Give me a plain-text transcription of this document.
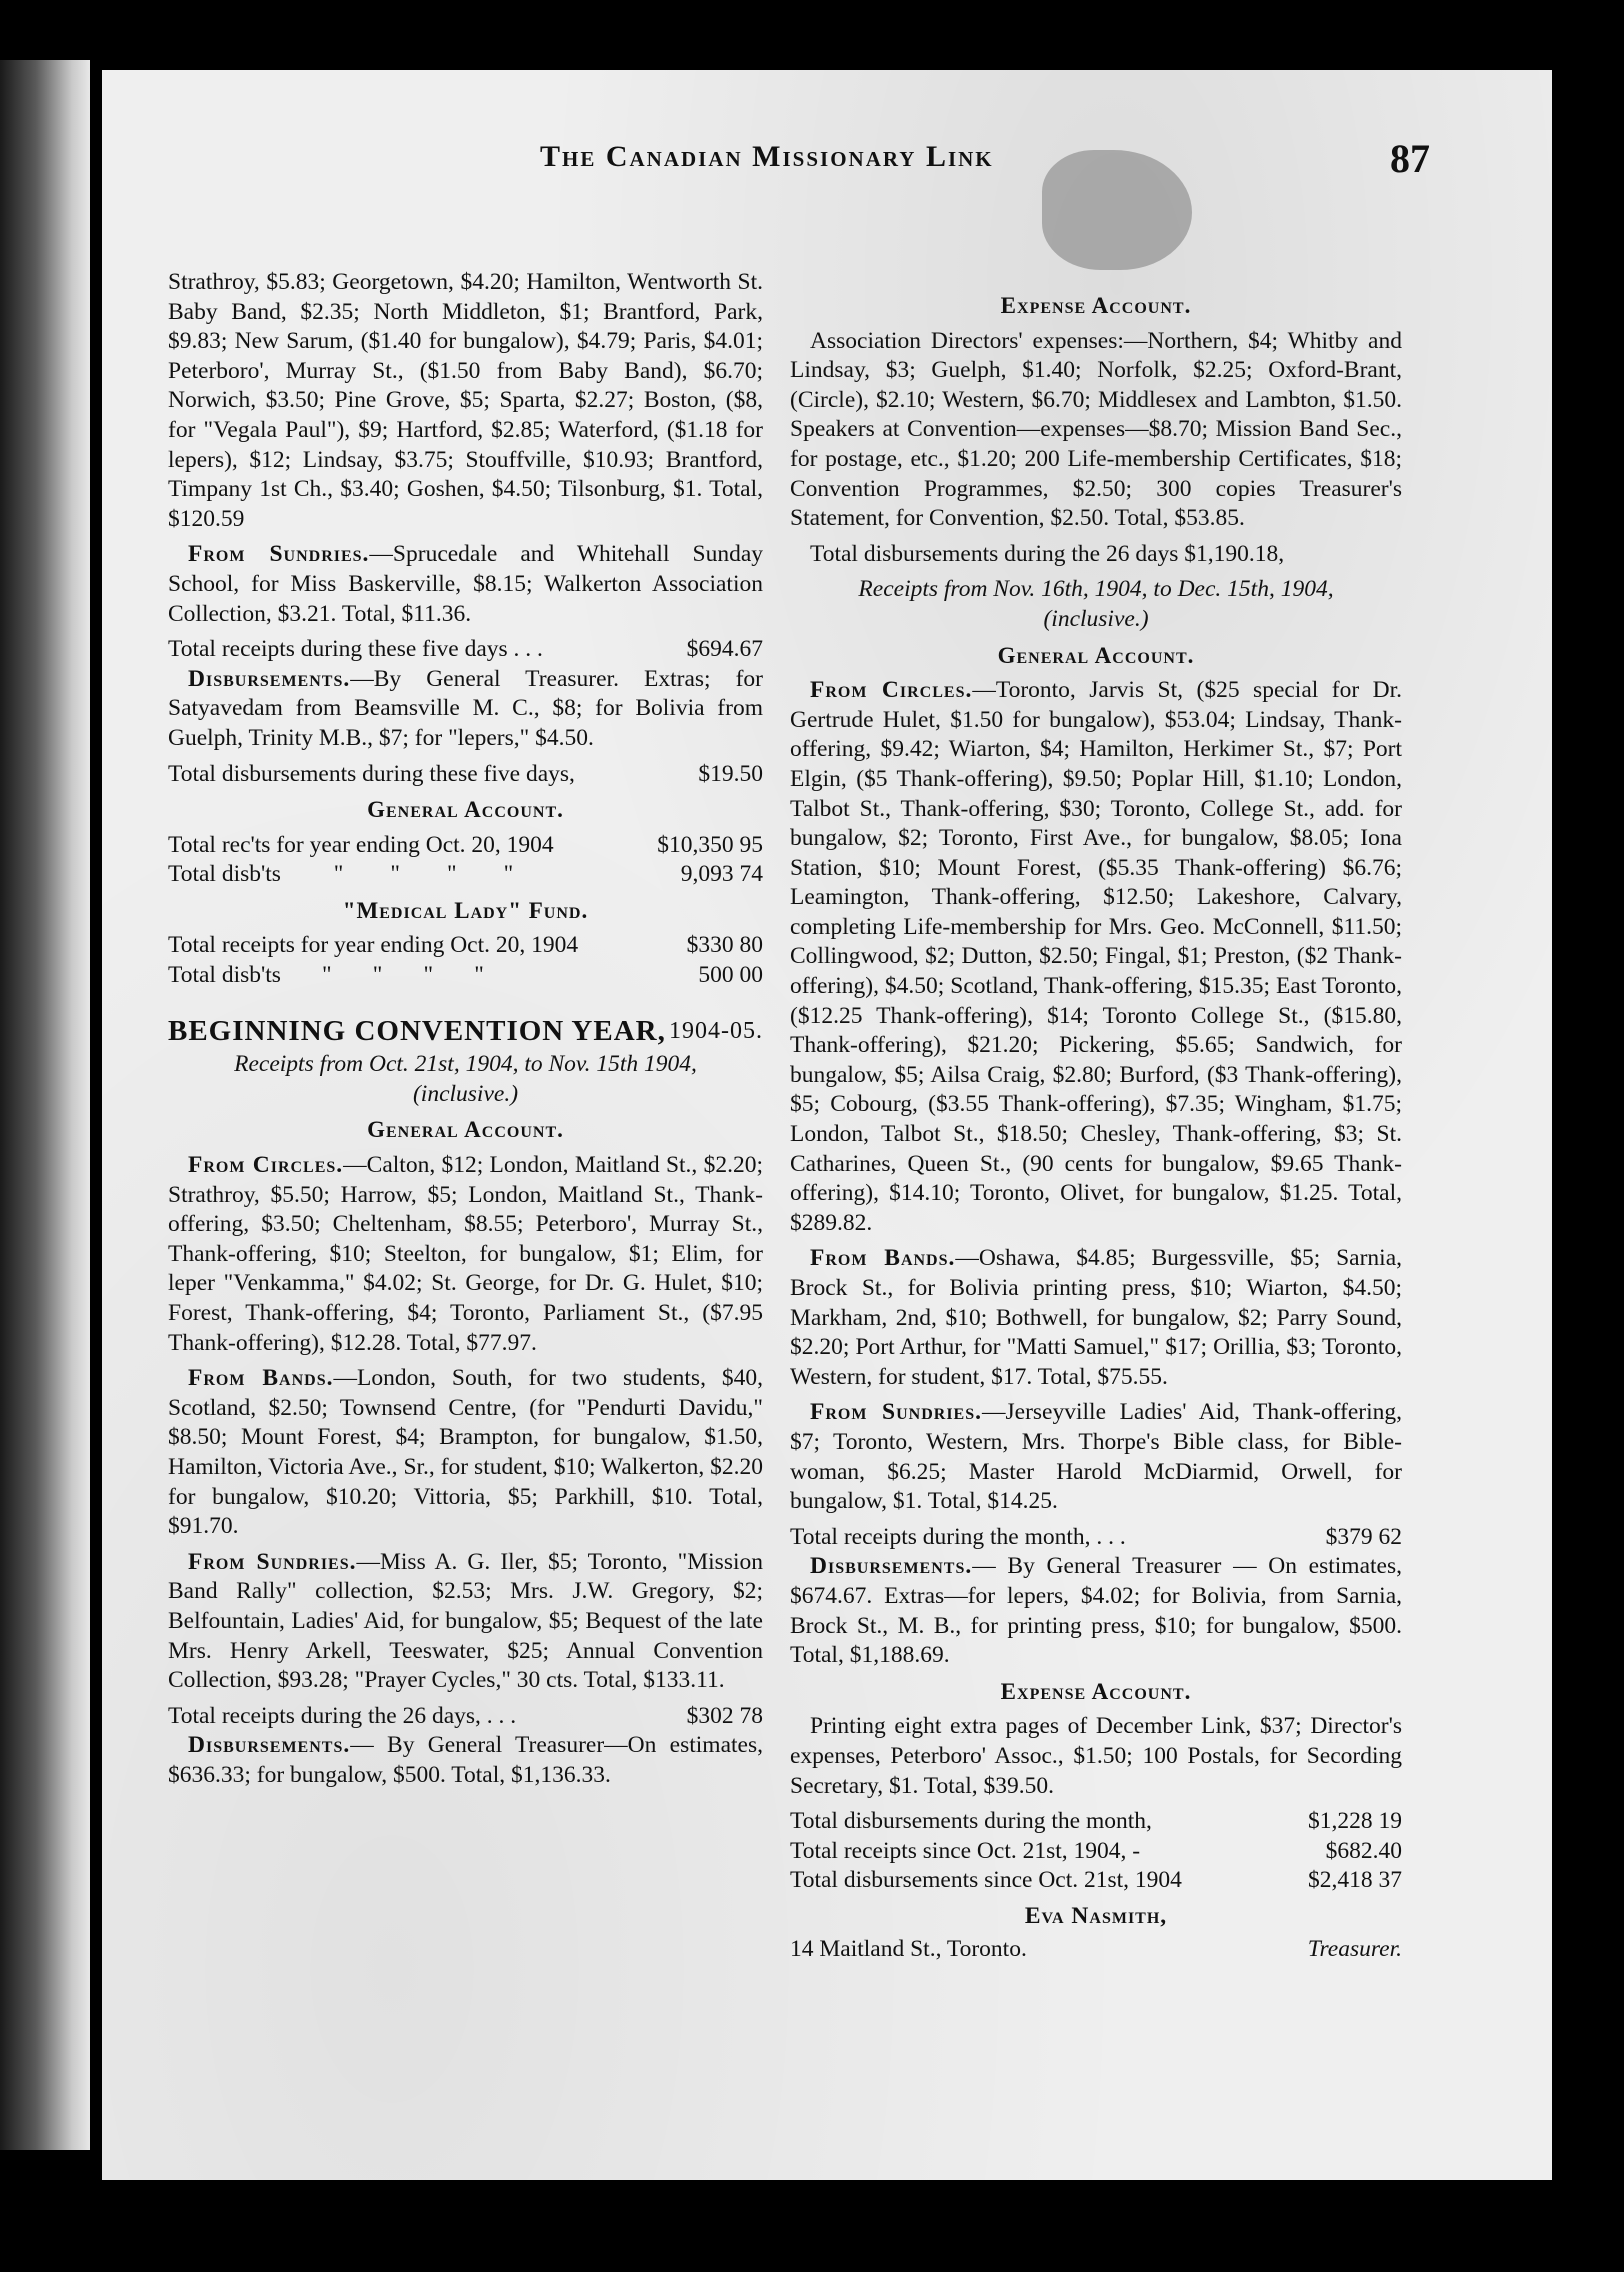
The Canadian Missionary Link	87

Strathroy, $5.83; Georgetown, $4.20; Hamilton, Wentworth St. Baby Band, $2.35; North Middleton, $1; Brantford, Park, $9.83; New Sarum, ($1.40 for bungalow), $4.79; Paris, $4.01; Peterboro', Murray St., ($1.50 from Baby Band), $6.70; Norwich, $3.50; Pine Grove, $5; Sparta, $2.27; Boston, ($8, for "Vegala Paul"), $9; Hartford, $2.85; Waterford, ($1.18 for lepers), $12; Lindsay, $3.75; Stouffville, $10.93; Brantford, Timpany 1st Ch., $3.40; Goshen, $4.50; Tilsonburg, $1. Total, $120.59

From Sundries.—Sprucedale and Whitehall Sunday School, for Miss Baskerville, $8.15; Walkerton Association Collection, $3.21. Total, $11.36.

Total receipts during these five days . . .	$694.67

Disbursements.—By General Treasurer. Extras; for Satyavedam from Beamsville M. C., $8; for Bolivia from Guelph, Trinity M.B., $7; for "lepers," $4.50.

Total disbursements during these five days,	$19.50
General Account.
Total rec'ts for year ending Oct. 20, 1904	$10,350 95
Total disb'ts         "        "        "        "	9,093 74
"Medical Lady" Fund.
Total receipts for year ending Oct. 20, 1904	$330 80
Total disb'ts       "       "       "       "	500 00
BEGINNING CONVENTION YEAR, 1904-05.
Receipts from Oct. 21st, 1904, to Nov. 15th 1904,
(inclusive.)
General Account.

From Circles.—Calton, $12; London, Maitland St., $2.20; Strathroy, $5.50; Harrow, $5; London, Maitland St., Thank-offering, $3.50; Cheltenham, $8.55; Peterboro', Murray St., Thank-offering, $10; Steelton, for bungalow, $1; Elim, for leper "Venkamma," $4.02; St. George, for Dr. G. Hulet, $10; Forest, Thank-offering, $4; Toronto, Parliament St., ($7.95 Thank-offering), $12.28. Total, $77.97.

From Bands.—London, South, for two students, $40, Scotland, $2.50; Townsend Centre, (for "Pendurti Davidu," $8.50; Mount Forest, $4; Brampton, for bungalow, $1.50, Hamilton, Victoria Ave., Sr., for student, $10; Walkerton, $2.20 for bungalow, $10.20; Vittoria, $5; Parkhill, $10. Total, $91.70.

From Sundries.—Miss A. G. Iler, $5; Toronto, "Mission Band Rally" collection, $2.53; Mrs. J.W. Gregory, $2; Belfountain, Ladies' Aid, for bungalow, $5; Bequest of the late Mrs. Henry Arkell, Teeswater, $25; Annual Convention Collection, $93.28; "Prayer Cycles," 30 cts. Total, $133.11.

Total receipts during the 26 days, . . .	$302 78

Disbursements.— By General Treasurer—On estimates, $636.33; for bungalow, $500. Total, $1,136.33.

Expense Account.

Association Directors' expenses:—Northern, $4; Whitby and Lindsay, $3; Guelph, $1.40; Norfolk, $2.25; Oxford-Brant, (Circle), $2.10; Western, $6.70; Middlesex and Lambton, $1.50. Speakers at Convention—expenses—$8.70; Mission Band Sec., for postage, etc., $1.20; 200 Life-membership Certificates, $18; Convention Programmes, $2.50; 300 copies Treasurer's Statement, for Convention, $2.50. Total, $53.85.

Total disbursements during the 26 days $1,190.18,

Receipts from Nov. 16th, 1904, to Dec. 15th, 1904,
(inclusive.)
General Account.

From Circles.—Toronto, Jarvis St, ($25 special for Dr. Gertrude Hulet, $1.50 for bungalow), $53.04; Lindsay, Thank-offering, $9.42; Wiarton, $4; Hamilton, Herkimer St., $7; Port Elgin, ($5 Thank-offering), $9.50; Poplar Hill, $1.10; London, Talbot St., Thank-offering, $30; Toronto, College St., add. for bungalow, $2; Toronto, First Ave., for bungalow, $8.05; Iona Station, $10; Mount Forest, ($5.35 Thank-offering) $6.76; Leamington, Thank-offering, $12.50; Lakeshore, Calvary, completing Life-membership for Mrs. Geo. McConnell, $11.50; Collingwood, $2; Dutton, $2.50; Fingal, $1; Preston, ($2 Thank-offering), $4.50; Scotland, Thank-offering, $15.35; East Toronto, ($12.25 Thank-offering), $14; Toronto College St., ($15.80, Thank-offering), $21.20; Pickering, $5.65; Sandwich, for bungalow, $5; Ailsa Craig, $2.80; Burford, ($3 Thank-offering), $5; Cobourg, ($3.55 Thank-offering), $7.35; Wingham, $1.75; London, Talbot St., $18.50; Chesley, Thank-offering, $3; St. Catharines, Queen St., (90 cents for bungalow, $9.65 Thank-offering), $14.10; Toronto, Olivet, for bungalow, $1.25. Total, $289.82.

From Bands.—Oshawa, $4.85; Burgessville, $5; Sarnia, Brock St., for Bolivia printing press, $10; Wiarton, $4.50; Markham, 2nd, $10; Bothwell, for bungalow, $2; Parry Sound, $2.20; Port Arthur, for "Matti Samuel," $17; Orillia, $3; Toronto, Western, for student, $17. Total, $75.55.

From Sundries.—Jerseyville Ladies' Aid, Thank-offering, $7; Toronto, Western, Mrs. Thorpe's Bible class, for Bible-woman, $6.25; Master Harold McDiarmid, Orwell, for bungalow, $1. Total, $14.25.

Total receipts during the month, . . .	$379 62

Disbursements.— By General Treasurer — On estimates, $674.67. Extras—for lepers, $4.02; for Bolivia, from Sarnia, Brock St., M. B., for printing press, $10; for bungalow, $500. Total, $1,188.69.

Expense Account.

Printing eight extra pages of December Link, $37; Director's expenses, Peterboro' Assoc., $1.50; 100 Postals, for Secording Secretary, $1. Total, $39.50.

Total disbursements during the month,	$1,228 19
Total receipts since Oct. 21st, 1904, -	$682.40
Total disbursements since Oct. 21st, 1904	$2,418 37
Eva Nasmith,
14 Maitland St., Toronto.	Treasurer.
